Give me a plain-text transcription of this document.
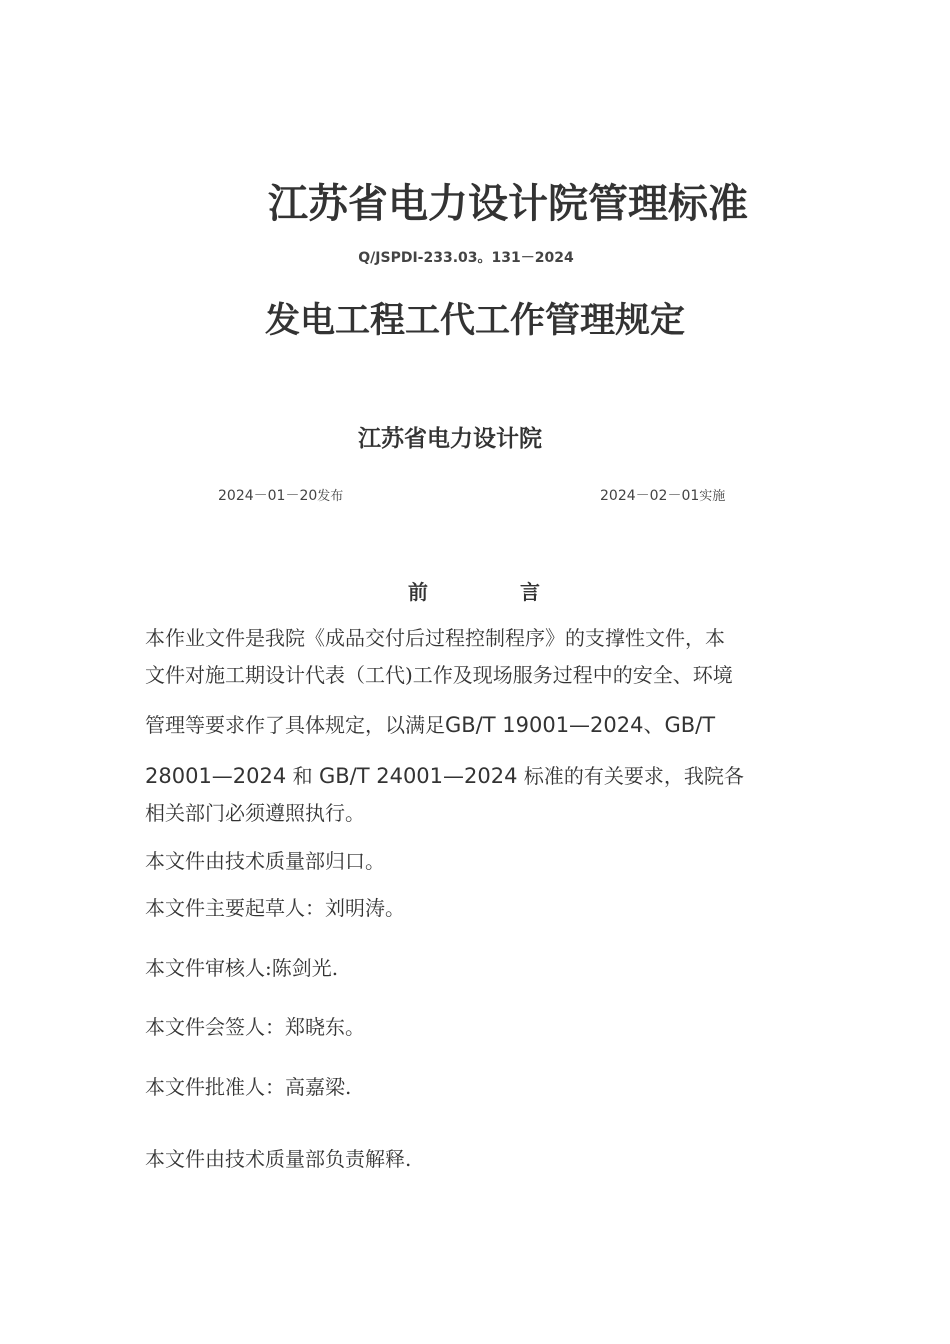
江苏省电力设计院管理标准
Q/JSPDI-233.03。131－2024
发电工程工代工作管理规定
江苏省电力设计院
2024－01－20发布	2024－02－01实施
前	言
本作业文件是我院《成品交付后过程控制程序》的支撑性文件，本
文件对施工期设计代表（工代)工作及现场服务过程中的安全、环境
管理等要求作了具体规定，以满足GB/T 19001—2024、GB/T
28001—2024 和 GB/T 24001—2024 标准的有关要求，我院各
相关部门必须遵照执行。
本文件由技术质量部归口。
本文件主要起草人：刘明涛。
本文件审核人:陈剑光.
本文件会签人：郑晓东。
本文件批准人：高嘉梁.
本文件由技术质量部负责解释.
